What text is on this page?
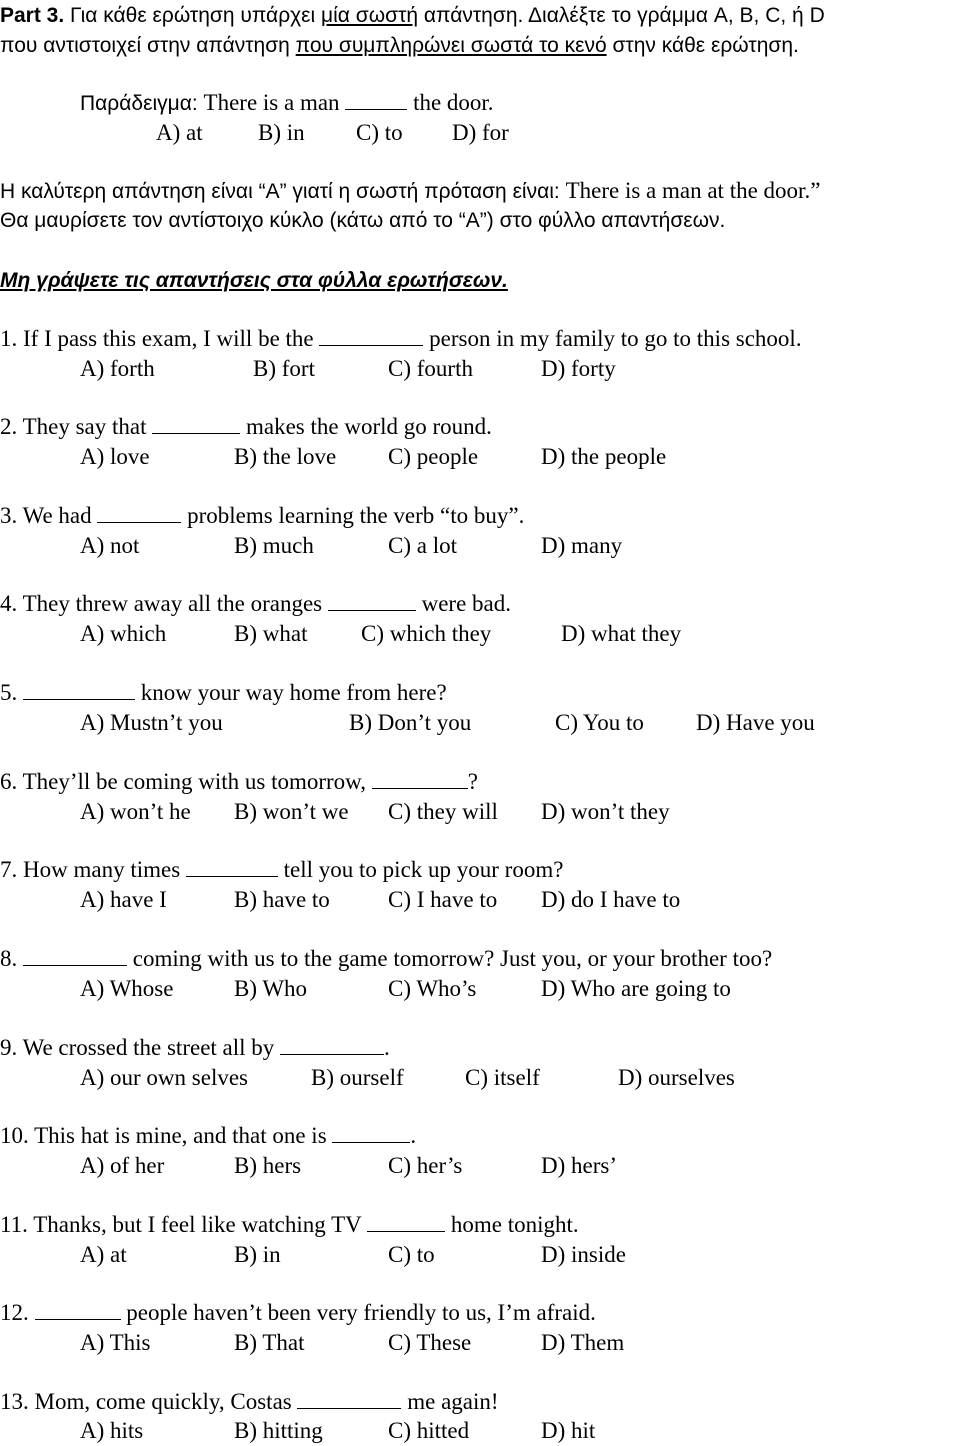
Part 3. Για κάθε ερώτηση υπάρχει μία σωστή απάντηση. Διαλέξτε το γράμμα A, B, C, ή D
που αντιστοιχεί στην απάντηση που συμπληρώνει σωστά το κενό στην κάθε ερώτηση.
Παράδειγμα: There is a man	the door.
A) at B) in C) to D) for
Η καλύτερη απάντηση είναι “A” γιατί η σωστή πρόταση είναι: There is a man at the door.”
Θα μαυρίσετε τον αντίστοιχο κύκλο (κάτω από το “A”) στο φύλλο απαντήσεων.
Μη γράψετε τις απαντήσεις στα φύλλα ερωτήσεων.
1. If I pass this exam, I will be the	person in my family to go to this school.
A) forth	B) fort	C) fourth	D) forty
2. They say that	makes the world go round.
A) love	B) the love C) people	D) the people
3. We had	problems learning the verb “to buy”.
A) not	B) much	C) a lot	D) many
4. They threw away all the oranges	were bad.
A) which	B) what C) which they	D) what they
5.	know your way home from here?
A) Mustn’t you	B) Don’t you	C) You to D) Have you
6. They’ll be coming with us tomorrow,	?
A) won’t he B) won’t we C) they will D) won’t they
7. How many times	tell you to pick up your room?
A) have I	B) have to	C) I have to D) do I have to
8.	coming with us to the game tomorrow? Just you, or your brother too?
A) Whose	B) Who	C) Who’s	D) Who are going to
9. We crossed the street all by	.
A) our own selves	B) ourself	C) itself	D) ourselves
10. This hat is mine, and that one is	.
A) of her	B) hers	C) her’s	D) hers’
11. Thanks, but I feel like watching TV	home tonight.
A) at	B) in	C) to	D) inside
12.	people haven’t been very friendly to us, I’m afraid.
A) This	B) That	C) These	D) Them
13. Mom, come quickly, Costas	me again!
A) hits	B) hitting	C) hitted	D) hit
